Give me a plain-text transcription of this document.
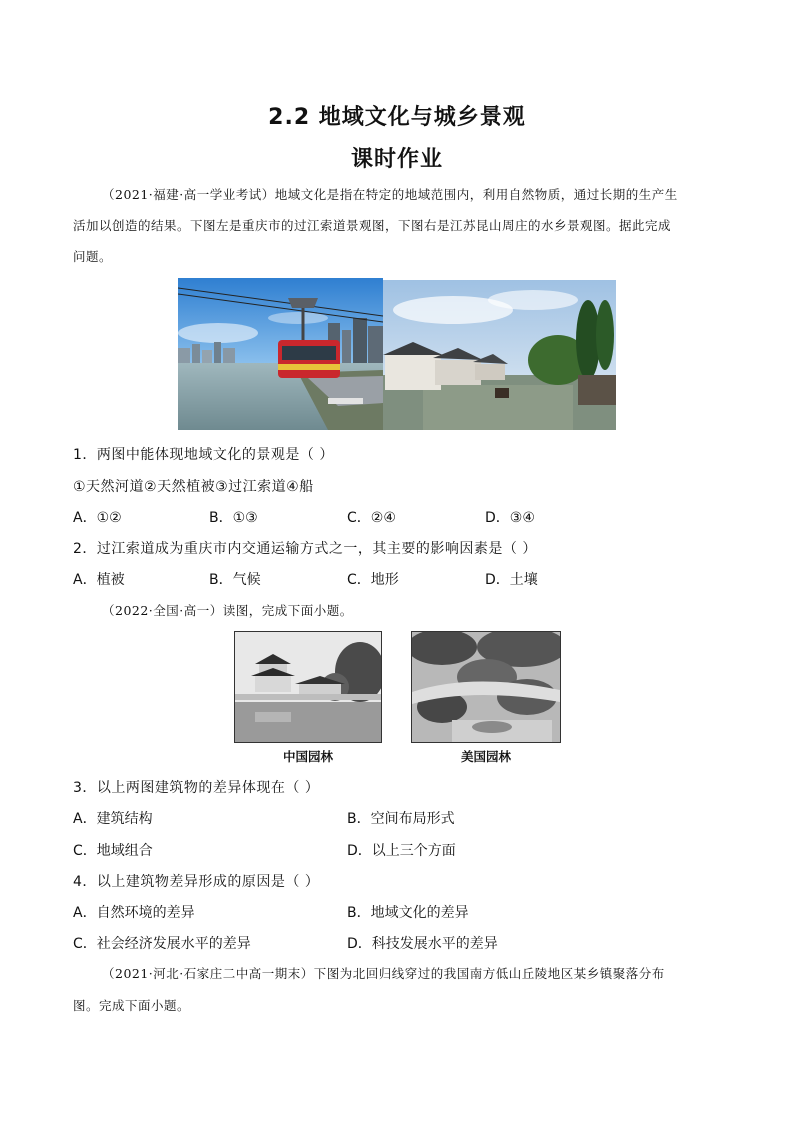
2.2 地域文化与城乡景观
课时作业
（2021·福建·高一学业考试）地域文化是指在特定的地域范围内，利用自然物质，通过长期的生产生
活加以创造的结果。下图左是重庆市的过江索道景观图，下图右是江苏昆山周庄的水乡景观图。据此完成
问题。
1．两图中能体现地域文化的景观是（ ）
①天然河道②天然植被③过江索道④船
A．①②	B．①③	C．②④	D．③④
2．过江索道成为重庆市内交通运输方式之一，其主要的影响因素是（ ）
A．植被	B．气候	C．地形	D．土壤
（2022·全国·高一）读图，完成下面小题。
中国园林	美国园林
3．以上两图建筑物的差异体现在（ ）
A．建筑结构	B．空间布局形式
C．地域组合	D．以上三个方面
4．以上建筑物差异形成的原因是（ ）
A．自然环境的差异	B．地域文化的差异
C．社会经济发展水平的差异	D．科技发展水平的差异
（2021·河北·石家庄二中高一期末）下图为北回归线穿过的我国南方低山丘陵地区某乡镇聚落分布
图。完成下面小题。
